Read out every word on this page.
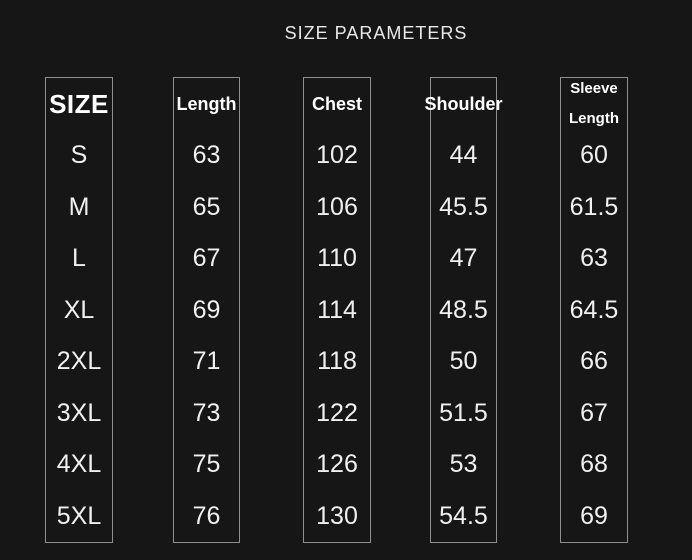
SIZE PARAMETERS
SIZE
S
M
L
XL
2XL
3XL
4XL
5XL
Length
63
65
67
69
71
73
75
76
Chest
102
106
110
114
118
122
126
130
Shoulder
44
45.5
47
48.5
50
51.5
53
54.5
Sleeve
Length
60
61.5
63
64.5
66
67
68
69
